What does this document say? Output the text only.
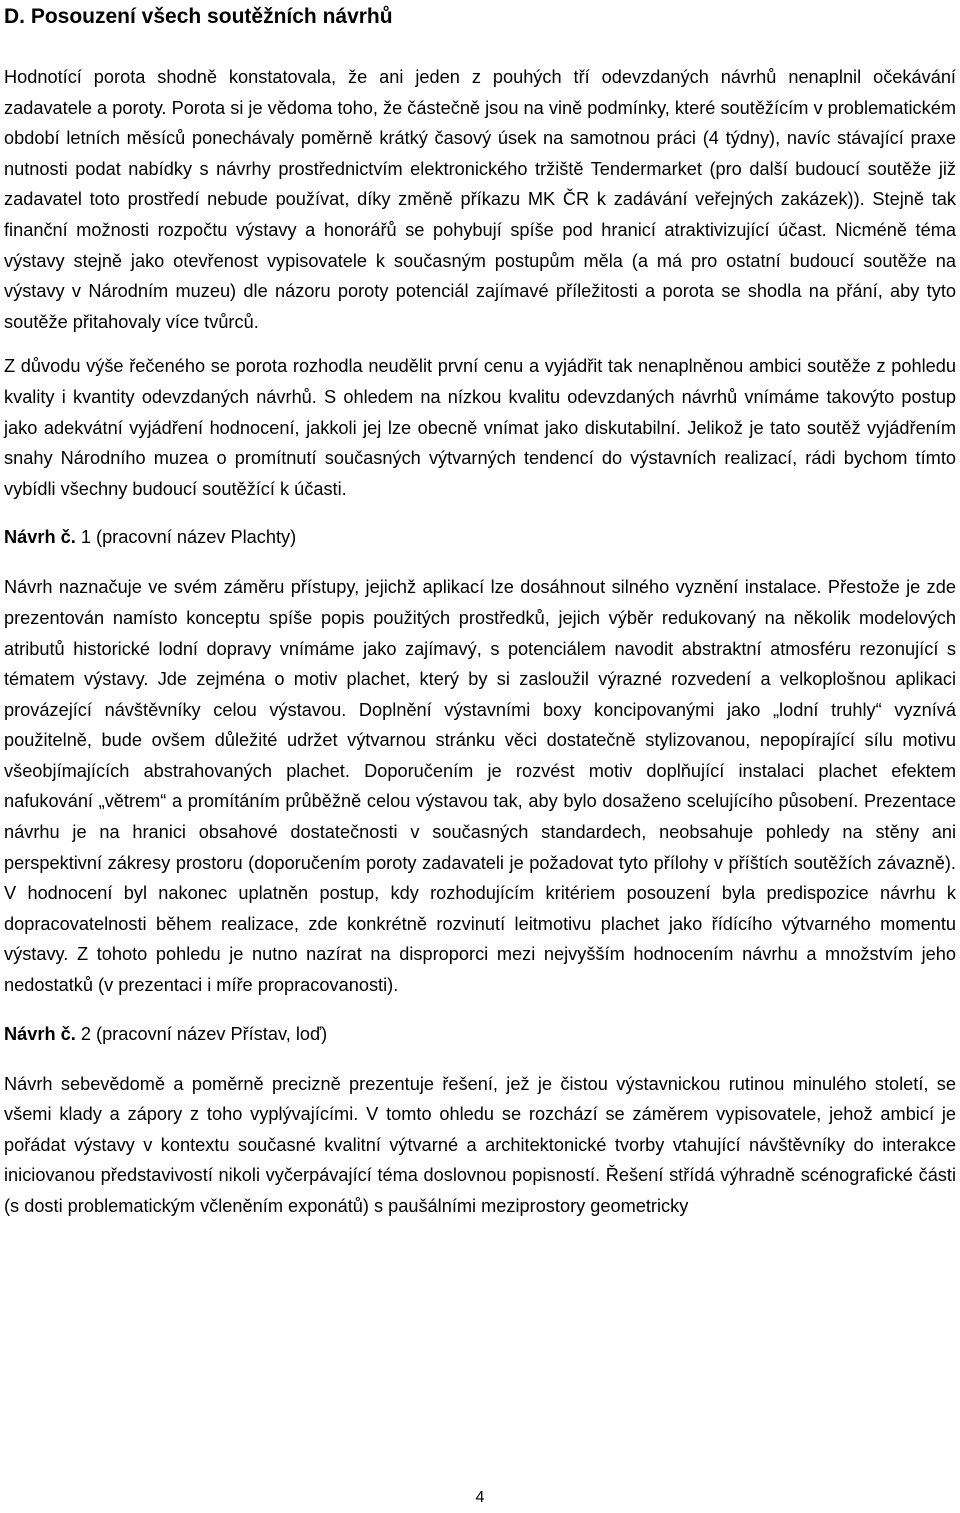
D. Posouzení všech soutěžních návrhů

Hodnotící porota shodně konstatovala, že ani jeden z pouhých tří odevzdaných návrhů nenaplnil očekávání zadavatele a poroty. Porota si je vědoma toho, že částečně jsou na vině podmínky, které soutěžícím v problematickém období letních měsíců ponechávaly poměrně krátký časový úsek na samotnou práci (4 týdny), navíc stávající praxe nutnosti podat nabídky s návrhy prostřednictvím elektronického tržiště Tendermarket (pro další budoucí soutěže již zadavatel toto prostředí nebude používat, díky změně příkazu MK ČR k zadávání veřejných zakázek)). Stejně tak finanční možnosti rozpočtu výstavy a honorářů se pohybují spíše pod hranicí atraktivizující účast. Nicméně téma výstavy stejně jako otevřenost vypisovatele k současným postupům měla (a má pro ostatní budoucí soutěže na výstavy v Národním muzeu) dle názoru poroty potenciál zajímavé příležitosti a porota se shodla na přání, aby tyto soutěže přitahovaly více tvůrců.

Z důvodu výše řečeného se porota rozhodla neudělit první cenu a vyjádřit tak nenaplněnou ambici soutěže z pohledu kvality i kvantity odevzdaných návrhů. S ohledem na nízkou kvalitu odevzdaných návrhů vnímáme takovýto postup jako adekvátní vyjádření hodnocení, jakkoli jej lze obecně vnímat jako diskutabilní. Jelikož je tato soutěž vyjádřením snahy Národního muzea o promítnutí současných výtvarných tendencí do výstavních realizací, rádi bychom tímto vybídli všechny budoucí soutěžící k účasti.

Návrh č. 1 (pracovní název Plachty)

Návrh naznačuje ve svém záměru přístupy, jejichž aplikací lze dosáhnout silného vyznění instalace. Přestože je zde prezentován namísto konceptu spíše popis použitých prostředků, jejich výběr redukovaný na několik modelových atributů historické lodní dopravy vnímáme jako zajímavý, s potenciálem navodit abstraktní atmosféru rezonující s tématem výstavy. Jde zejména o motiv plachet, který by si zasloužil výrazné rozvedení a velkoplošnou aplikaci provázející návštěvníky celou výstavou. Doplnění výstavními boxy koncipovanými jako „lodní truhly“ vyznívá použitelně, bude ovšem důležité udržet výtvarnou stránku věci dostatečně stylizovanou, nepopírající sílu motivu všeobjímajících abstrahovaných plachet. Doporučením je rozvést motiv doplňující instalaci plachet efektem nafukování „větrem“ a promítáním průběžně celou výstavou tak, aby bylo dosaženo scelujícího působení. Prezentace návrhu je na hranici obsahové dostatečnosti v současných standardech, neobsahuje pohledy na stěny ani perspektivní zákresy prostoru (doporučením poroty zadavateli je požadovat tyto přílohy v příštích soutěžích závazně). V hodnocení byl nakonec uplatněn postup, kdy rozhodujícím kritériem posouzení byla predispozice návrhu k dopracovatelnosti během realizace, zde konkrétně rozvinutí leitmotivu plachet jako řídícího výtvarného momentu výstavy. Z tohoto pohledu je nutno nazírat na disproporci mezi nejvyšším hodnocením návrhu a množstvím jeho nedostatků (v prezentaci i míře propracovanosti).

Návrh č. 2 (pracovní název Přístav, loď)

Návrh sebevědomě a poměrně precizně prezentuje řešení, jež je čistou výstavnickou rutinou minulého století, se všemi klady a zápory z toho vyplývajícími. V tomto ohledu se rozchází se záměrem vypisovatele, jehož ambicí je pořádat výstavy v kontextu současné kvalitní výtvarné a architektonické tvorby vtahující návštěvníky do interakce iniciovanou představivostí nikoli vyčerpávající téma doslovnou popisností. Řešení střídá výhradně scénografické části (s dosti problematickým včleněním exponátů) s paušálními meziprostory geometricky

4
